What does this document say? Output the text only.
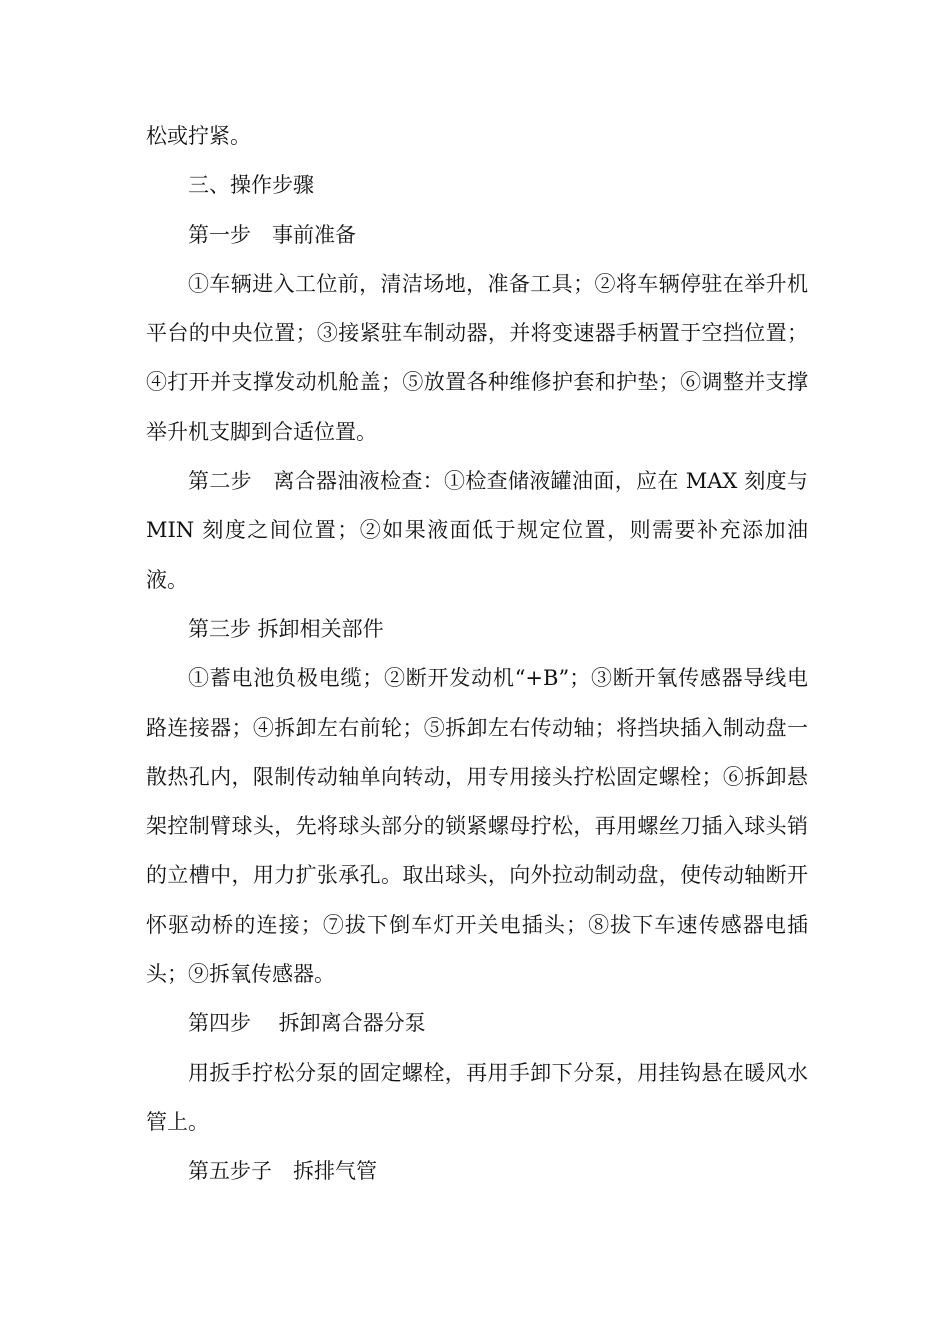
松或拧紧。

三、操作步骤

第一步　事前准备

①车辆进入工位前，清洁场地，准备工具；②将车辆停驻在举升机平台的中央位置；③接紧驻车制动器，并将变速器手柄置于空挡位置；④打开并支撑发动机舱盖；⑤放置各种维修护套和护垫；⑥调整并支撑举升机支脚到合适位置。

第二步　离合器油液检查：①检查储液罐油面，应在 MAX 刻度与 MIN 刻度之间位置；②如果液面低于规定位置，则需要补充添加油液。

第三步 拆卸相关部件

①蓄电池负极电缆；②断开发动机“+B”；③断开氧传感器导线电路连接器；④拆卸左右前轮；⑤拆卸左右传动轴；将挡块插入制动盘一散热孔内，限制传动轴单向转动，用专用接头拧松固定螺栓；⑥拆卸悬架控制臂球头，先将球头部分的锁紧螺母拧松，再用螺丝刀插入球头销的立槽中，用力扩张承孔。取出球头，向外拉动制动盘，使传动轴断开怀驱动桥的连接；⑦拔下倒车灯开关电插头；⑧拔下车速传感器电插头；⑨拆氧传感器。

第四步　 拆卸离合器分泵

用扳手拧松分泵的固定螺栓，再用手卸下分泵，用挂钩悬在暖风水管上。

第五步子　拆排气管
